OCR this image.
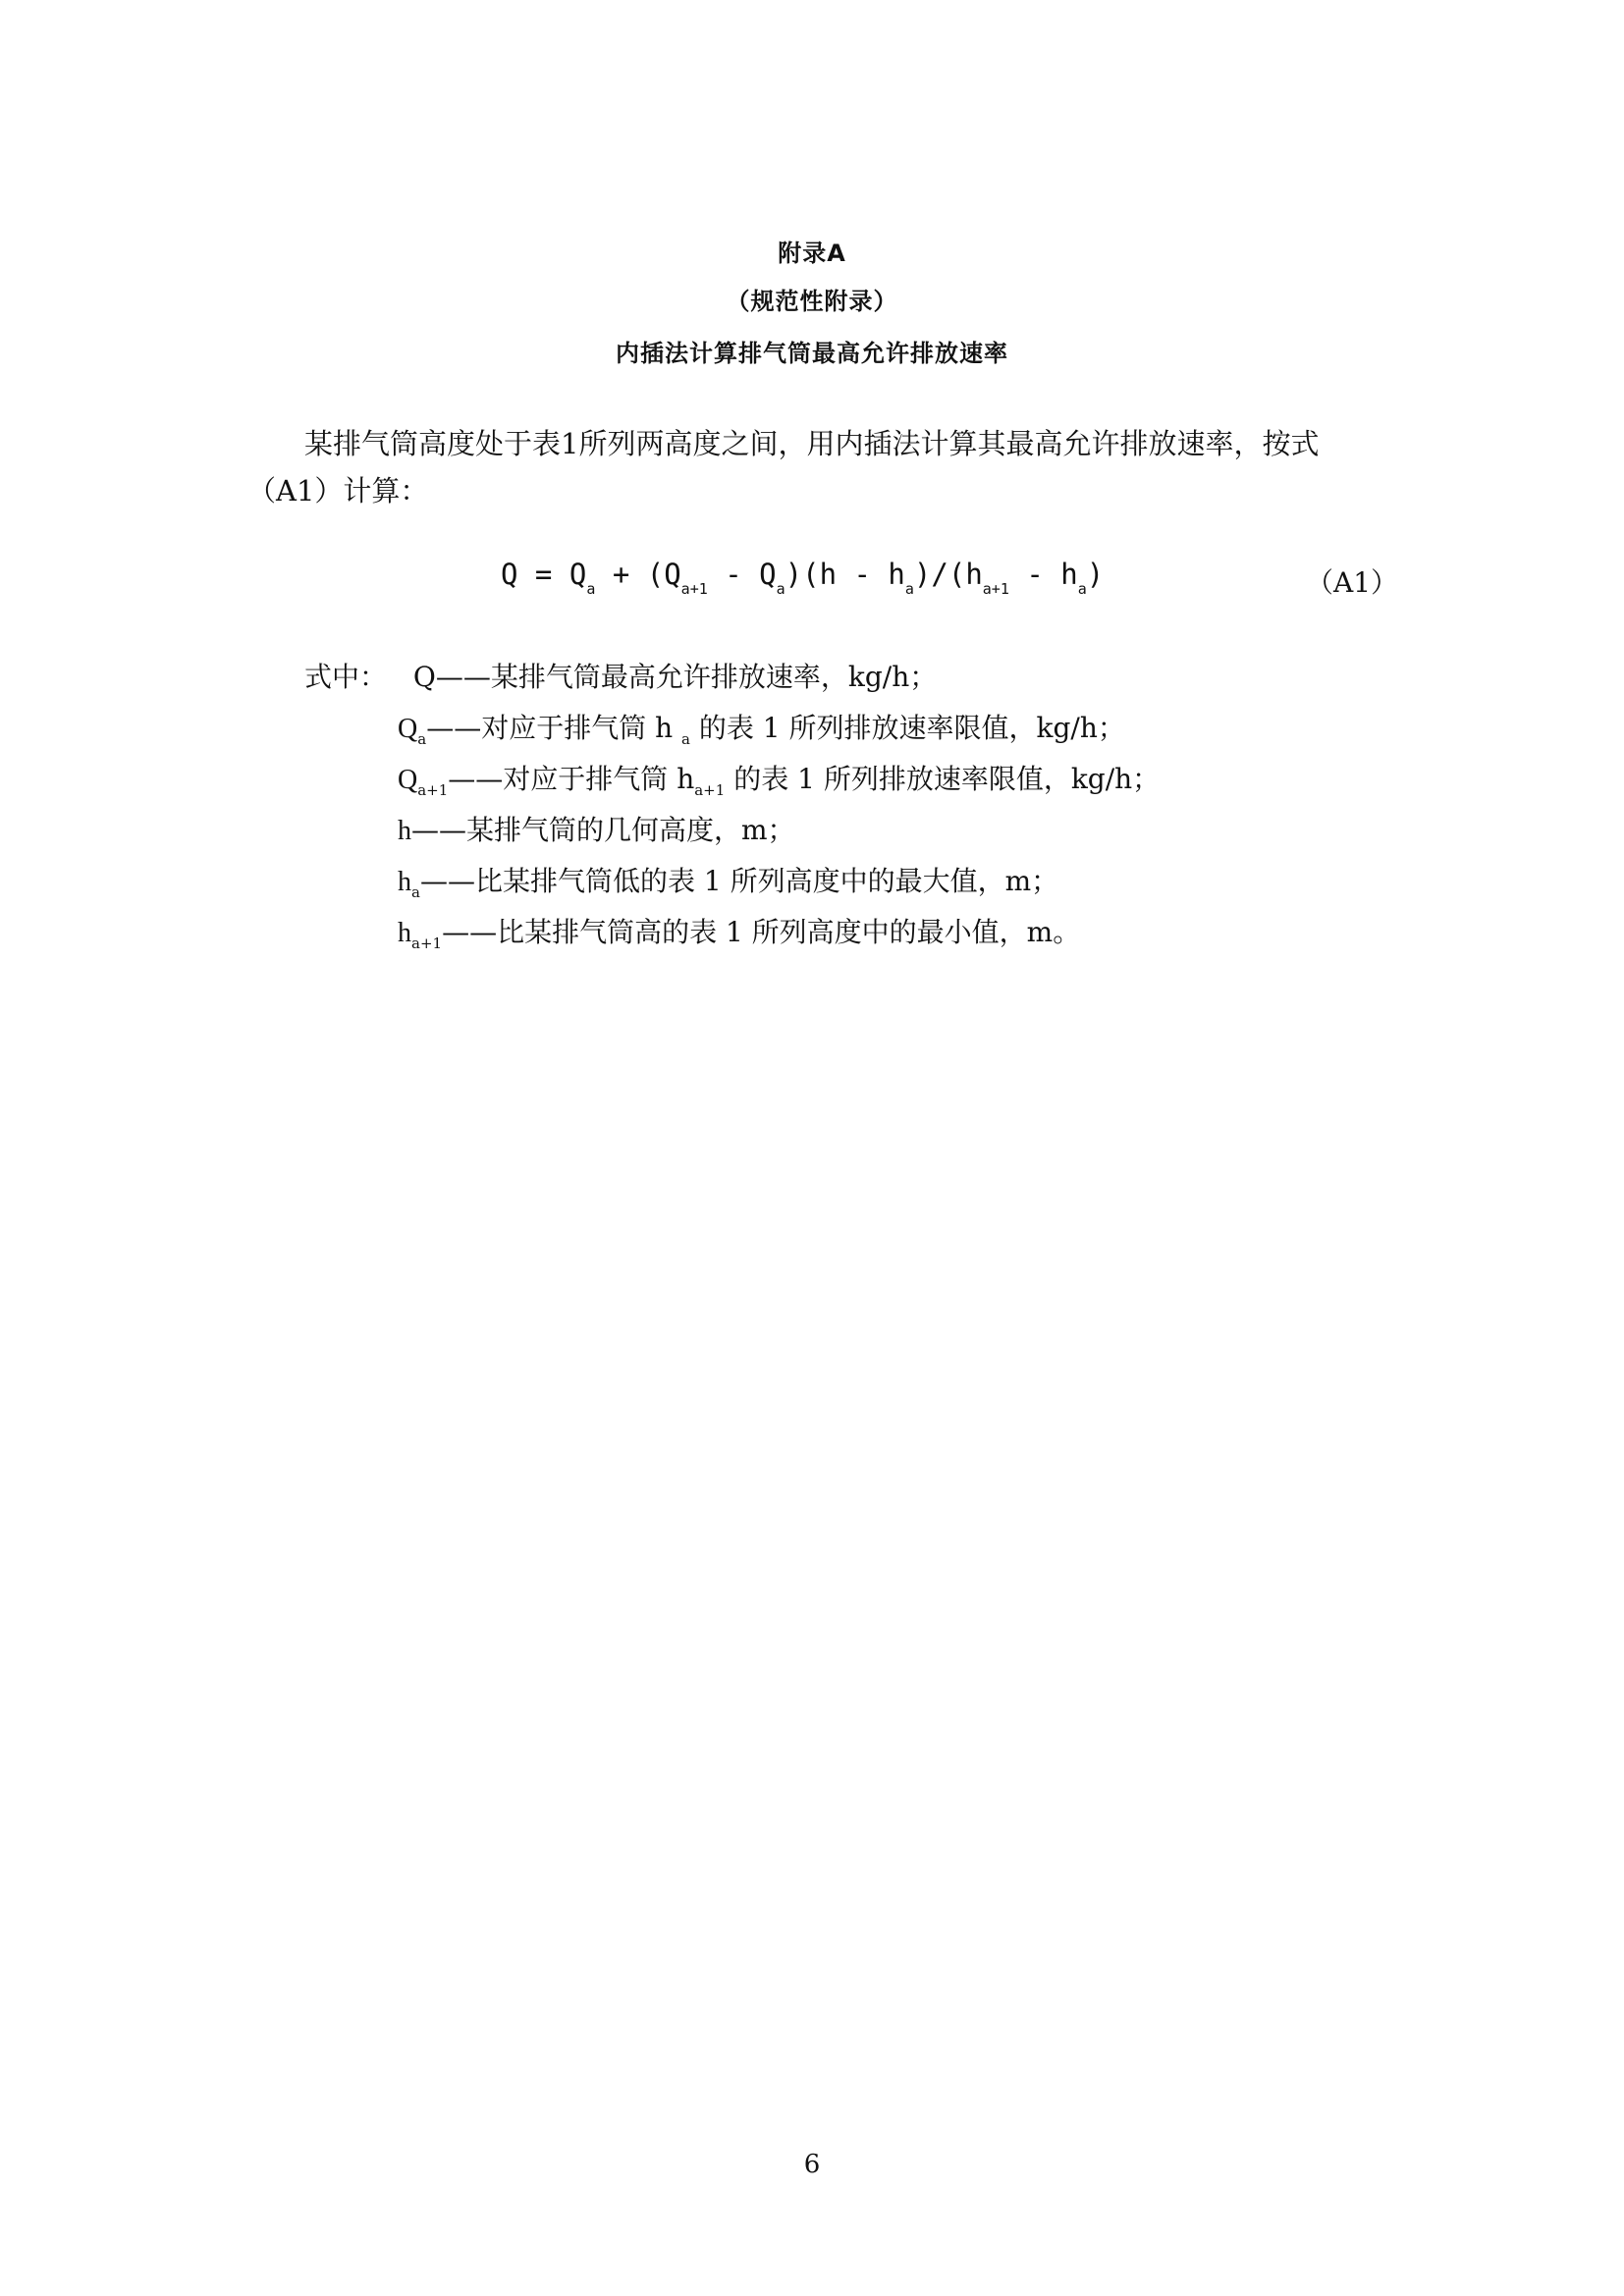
附录A
（规范性附录）
内插法计算排气筒最高允许排放速率
某排气筒高度处于表1所列两高度之间，用内插法计算其最高允许排放速率，按式（A1）计算：
$Q = Q_a + (Q_{a+1} - Q_a)(h - h_a)/(h_{a+1} - h_a)$	（A1）
式中： Q——某排气筒最高允许排放速率，kg/h；
$Q_a——$对应于排气筒 h $_a$ 的表 1 所列排放速率限值，kg/h；
$Q_{a+1}——$对应于排气筒 $h_{a+1}$ 的表 1 所列排放速率限值，kg/h；
h——某排气筒的几何高度，m；
$h_a——$比某排气筒低的表 1 所列高度中的最大值，m；
$h_{a+1}——$比某排气筒高的表 1 所列高度中的最小值，m。
6
